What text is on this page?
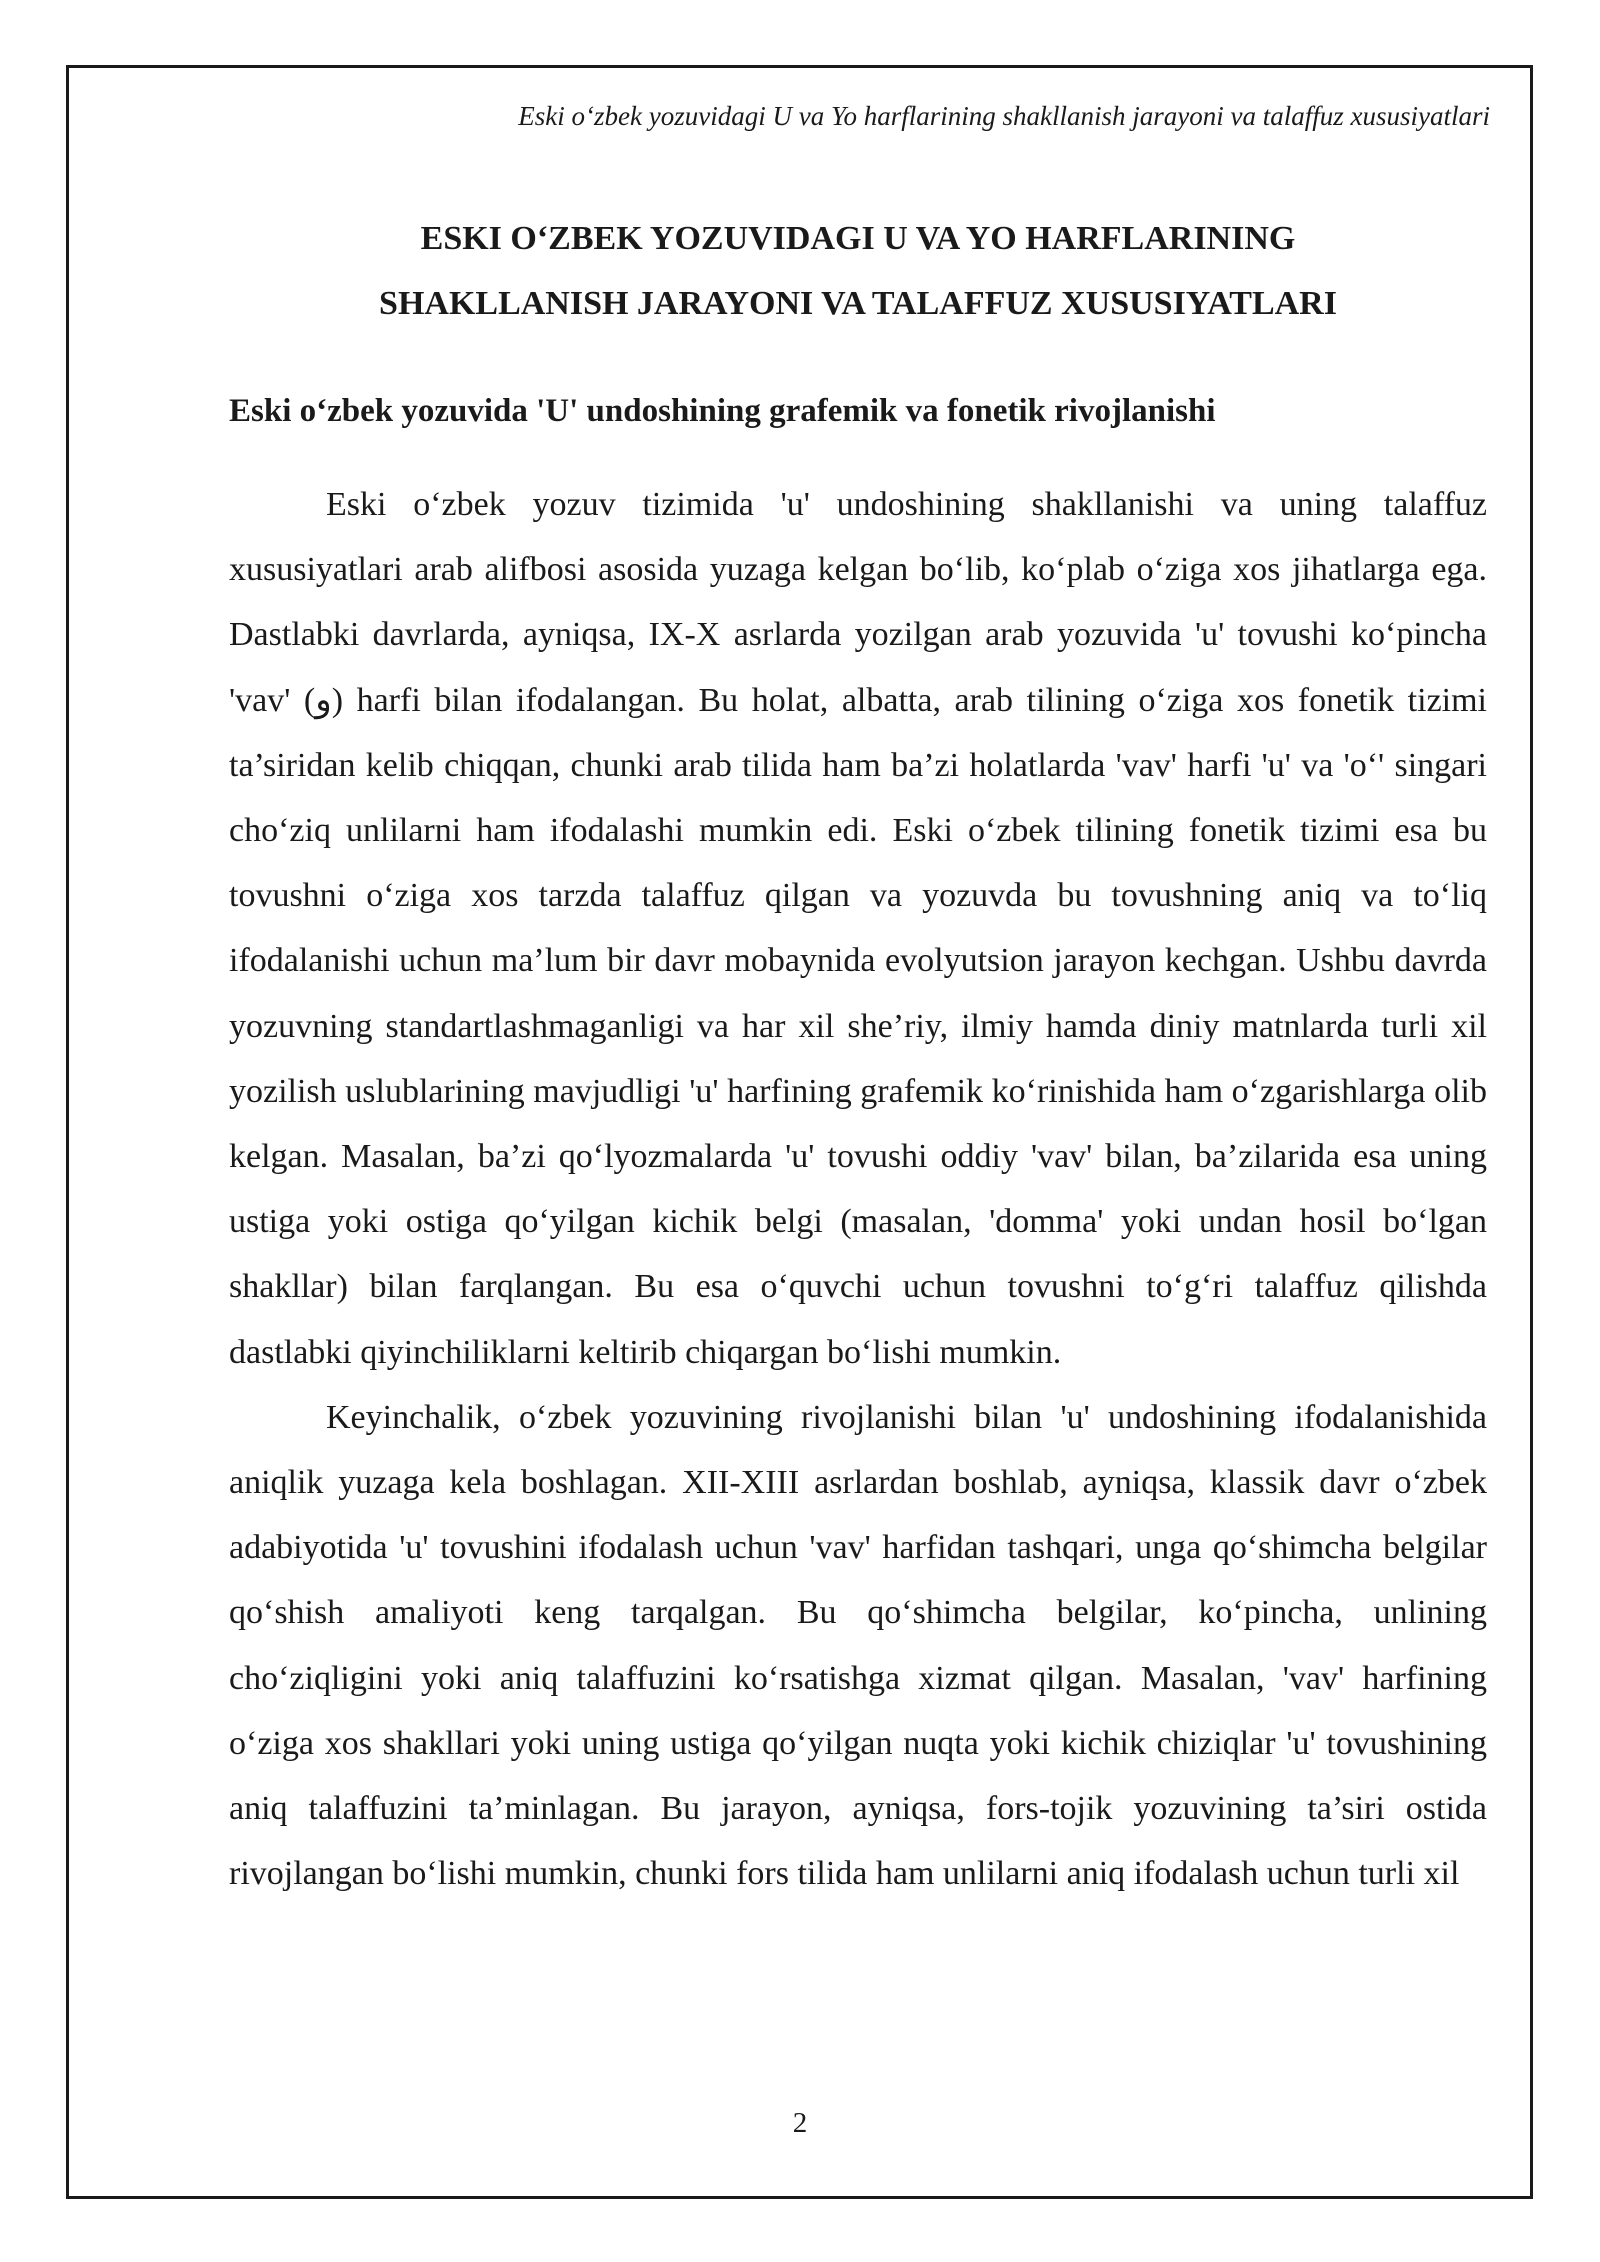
Eski o‘zbek yozuvidagi U va Yo harflarining shakllanish jarayoni va talaffuz xususiyatlari
ESKI O‘ZBEK YOZUVIDAGI U VA YO HARFLARINING
SHAKLLANISH JARAYONI VA TALAFFUZ XUSUSIYATLARI
Eski o‘zbek yozuvida 'U' undoshining grafemik va fonetik rivojlanishi

Eski o‘zbek yozuv tizimida 'u' undoshining shakllanishi va uning talaffuz xususiyatlari arab alifbosi asosida yuzaga kelgan bo‘lib, ko‘plab o‘ziga xos jihatlarga ega. Dastlabki davrlarda, ayniqsa, IX-X asrlarda yozilgan arab yozuvida 'u' tovushi ko‘pincha 'vav' (و) harfi bilan ifodalangan. Bu holat, albatta, arab tilining o‘ziga xos fonetik tizimi ta’siridan kelib chiqqan, chunki arab tilida ham ba’zi holatlarda 'vav' harfi 'u' va 'o‘' singari cho‘ziq unlilarni ham ifodalashi mumkin edi. Eski o‘zbek tilining fonetik tizimi esa bu tovushni o‘ziga xos tarzda talaffuz qilgan va yozuvda bu tovushning aniq va to‘liq ifodalanishi uchun ma’lum bir davr mobaynida evolyutsion jarayon kechgan. Ushbu davrda yozuvning standartlashmaganligi va har xil she’riy, ilmiy hamda diniy matnlarda turli xil yozilish uslublarining mavjudligi 'u' harfining grafemik ko‘rinishida ham o‘zgarishlarga olib kelgan. Masalan, ba’zi qo‘lyozmalarda 'u' tovushi oddiy 'vav' bilan, ba’zilarida esa uning ustiga yoki ostiga qo‘yilgan kichik belgi (masalan, 'domma' yoki undan hosil bo‘lgan shakllar) bilan farqlangan. Bu esa o‘quvchi uchun tovushni to‘g‘ri talaffuz qilishda dastlabki qiyinchiliklarni keltirib chiqargan bo‘lishi mumkin.

Keyinchalik, o‘zbek yozuvining rivojlanishi bilan 'u' undoshining ifodalanishida aniqlik yuzaga kela boshlagan. XII-XIII asrlardan boshlab, ayniqsa, klassik davr o‘zbek adabiyotida 'u' tovushini ifodalash uchun 'vav' harfidan tashqari, unga qo‘shimcha belgilar qo‘shish amaliyoti keng tarqalgan. Bu qo‘shimcha belgilar, ko‘pincha, unlining cho‘ziqligini yoki aniq talaffuzini ko‘rsatishga xizmat qilgan. Masalan, 'vav' harfining o‘ziga xos shakllari yoki uning ustiga qo‘yilgan nuqta yoki kichik chiziqlar 'u' tovushining aniq talaffuzini ta’minlagan. Bu jarayon, ayniqsa, fors-tojik yozuvining ta’siri ostida rivojlangan bo‘lishi mumkin, chunki fors tilida ham unlilarni aniq ifodalash uchun turli xil

2
